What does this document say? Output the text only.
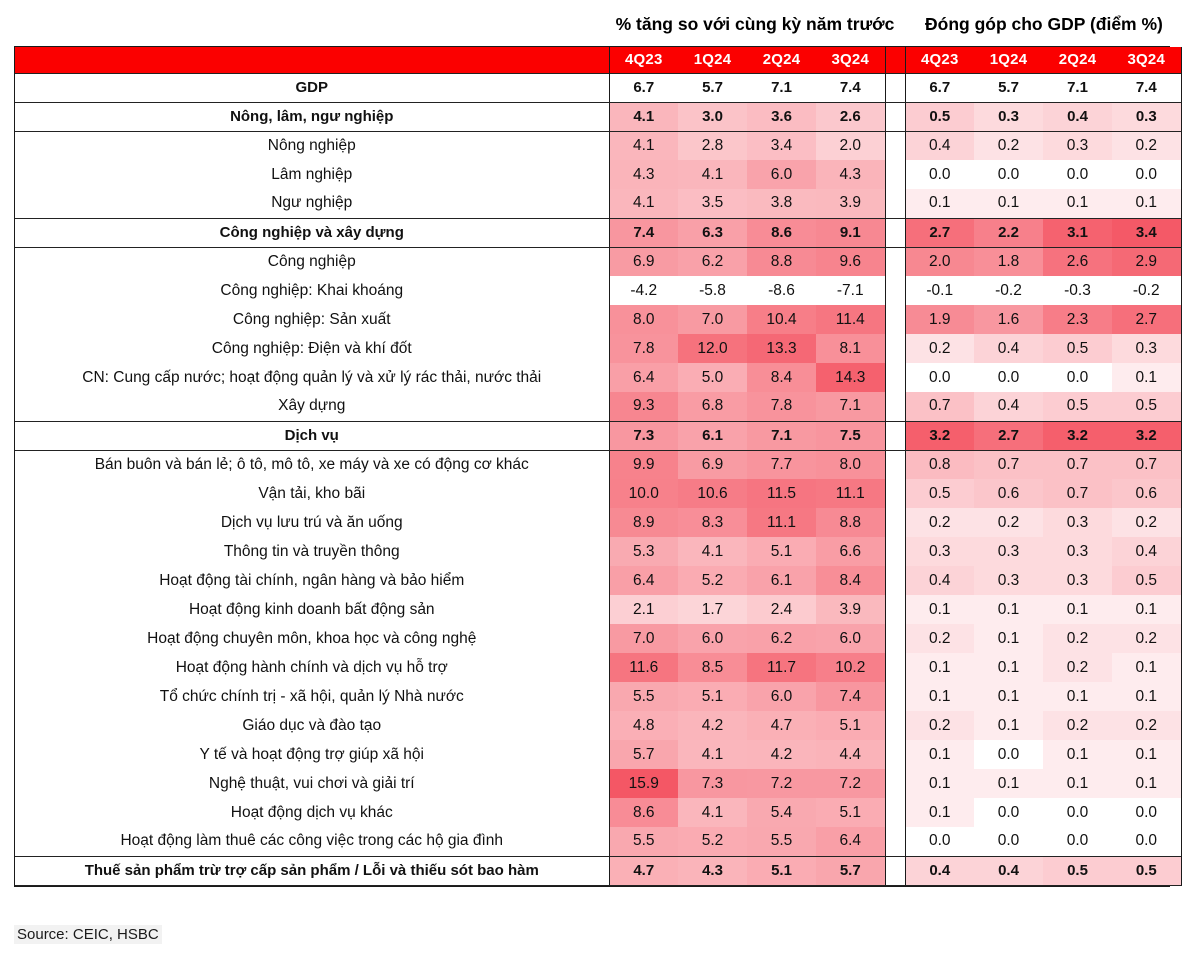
% tăng so với cùng kỳ năm trước	Đóng góp cho GDP (điểm %)
	4Q23	1Q24	2Q24	3Q24		4Q23	1Q24	2Q24	3Q24
GDP	6.7	5.7	7.1	7.4		6.7	5.7	7.1	7.4
Nông, lâm, ngư nghiệp	4.1	3.0	3.6	2.6		0.5	0.3	0.4	0.3
Nông nghiệp	4.1	2.8	3.4	2.0		0.4	0.2	0.3	0.2
Lâm nghiệp	4.3	4.1	6.0	4.3		0.0	0.0	0.0	0.0
Ngư nghiệp	4.1	3.5	3.8	3.9		0.1	0.1	0.1	0.1
Công nghiệp và xây dựng	7.4	6.3	8.6	9.1		2.7	2.2	3.1	3.4
Công nghiệp	6.9	6.2	8.8	9.6		2.0	1.8	2.6	2.9
Công nghiệp: Khai khoáng	-4.2	-5.8	-8.6	-7.1		-0.1	-0.2	-0.3	-0.2
Công nghiệp: Sản xuất	8.0	7.0	10.4	11.4		1.9	1.6	2.3	2.7
Công nghiệp: Điện và khí đốt	7.8	12.0	13.3	8.1		0.2	0.4	0.5	0.3
CN: Cung cấp nước; hoạt động quản lý và xử lý rác thải, nước thải	6.4	5.0	8.4	14.3		0.0	0.0	0.0	0.1
Xây dựng	9.3	6.8	7.8	7.1		0.7	0.4	0.5	0.5
Dịch vụ	7.3	6.1	7.1	7.5		3.2	2.7	3.2	3.2
Bán buôn và bán lẻ; ô tô, mô tô, xe máy và xe có động cơ khác	9.9	6.9	7.7	8.0		0.8	0.7	0.7	0.7
Vận tải, kho bãi	10.0	10.6	11.5	11.1		0.5	0.6	0.7	0.6
Dịch vụ lưu trú và ăn uống	8.9	8.3	11.1	8.8		0.2	0.2	0.3	0.2
Thông tin và truyền thông	5.3	4.1	5.1	6.6		0.3	0.3	0.3	0.4
Hoạt động tài chính, ngân hàng và bảo hiểm	6.4	5.2	6.1	8.4		0.4	0.3	0.3	0.5
Hoạt động kinh doanh bất động sản	2.1	1.7	2.4	3.9		0.1	0.1	0.1	0.1
Hoạt động chuyên môn, khoa học và công nghệ	7.0	6.0	6.2	6.0		0.2	0.1	0.2	0.2
Hoạt động hành chính và dịch vụ hỗ trợ	11.6	8.5	11.7	10.2		0.1	0.1	0.2	0.1
Tổ chức chính trị - xã hội, quản lý Nhà nước	5.5	5.1	6.0	7.4		0.1	0.1	0.1	0.1
Giáo dục và đào tạo	4.8	4.2	4.7	5.1		0.2	0.1	0.2	0.2
Y tế và hoạt động trợ giúp xã hội	5.7	4.1	4.2	4.4		0.1	0.0	0.1	0.1
Nghệ thuật, vui chơi và giải trí	15.9	7.3	7.2	7.2		0.1	0.1	0.1	0.1
Hoạt động dịch vụ khác	8.6	4.1	5.4	5.1		0.1	0.0	0.0	0.0
Hoạt động làm thuê các công việc trong các hộ gia đình	5.5	5.2	5.5	6.4		0.0	0.0	0.0	0.0
Thuế sản phẩm trừ trợ cấp sản phẩm / Lỗi và thiếu sót bao hàm	4.7	4.3	5.1	5.7		0.4	0.4	0.5	0.5
Source: CEIC, HSBC
